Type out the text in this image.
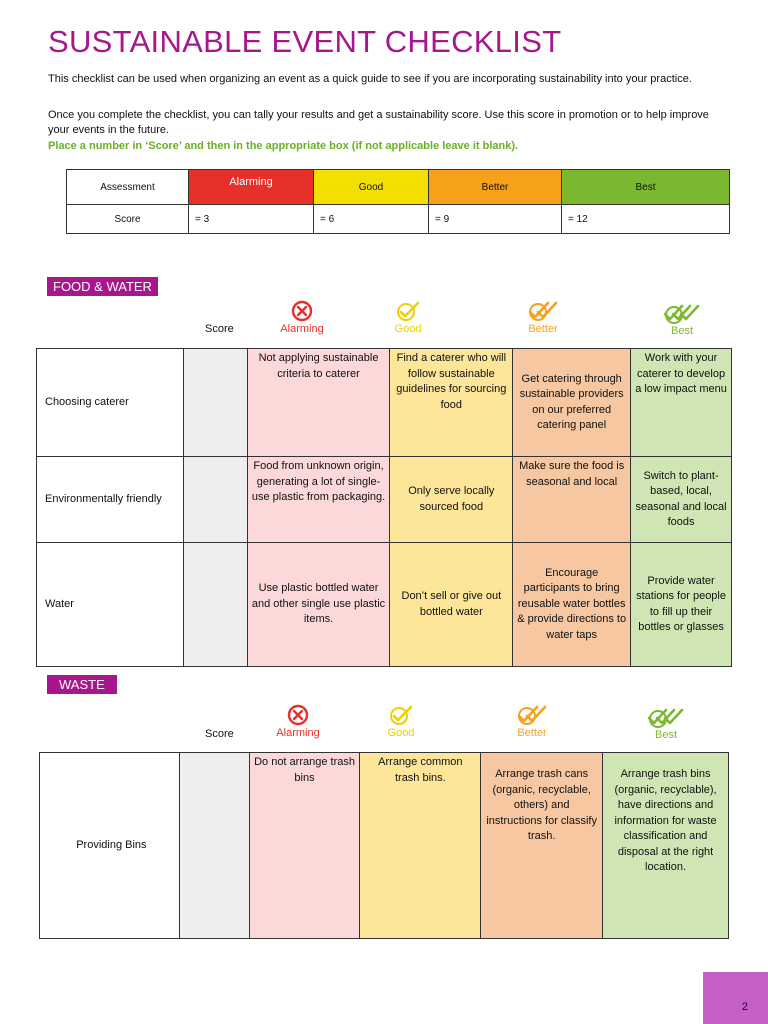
SUSTAINABLE EVENT CHECKLIST
This checklist can be used when organizing an event as a quick guide to see if you are incorporating sustainability into your practice.
Once you complete the checklist, you can tally your results and get a sustainability score. Use this score in promotion or to help improve your events in the future.
Place a number in ‘Score’ and then in the appropriate box (if not applicable leave it blank).
Assessment	Alarming	Good	Better	Best
Score	= 3	= 6	= 9	= 12
FOOD & WATER
Score	Alarming	Good	Better	Best
Choosing caterer		Not applying sustainable criteria to caterer	Find a caterer who will follow sustainable guidelines for sourcing food	Get catering through sustainable providers on our preferred catering panel	Work with your caterer to develop a low impact menu
Environmentally friendly		Food from unknown origin, generating a lot of single-use plastic from packaging.	Only serve locally sourced food	Make sure the food is seasonal and local	Switch to plant-based, local, seasonal and local foods
Water		Use plastic bottled water and other single use plastic items.	Don’t sell or give out bottled water	Encourage participants to bring reusable water bottles & provide directions to water taps	Provide water stations for people to fill up their bottles or glasses
WASTE
Score	Alarming	Good	Better	Best
Providing Bins		Do not arrange trash bins	Arrange common trash bins.	Arrange trash cans (organic, recyclable, others) and instructions for classify trash.	Arrange trash bins (organic, recyclable), have directions and information for waste classification and disposal at the right location.
2
